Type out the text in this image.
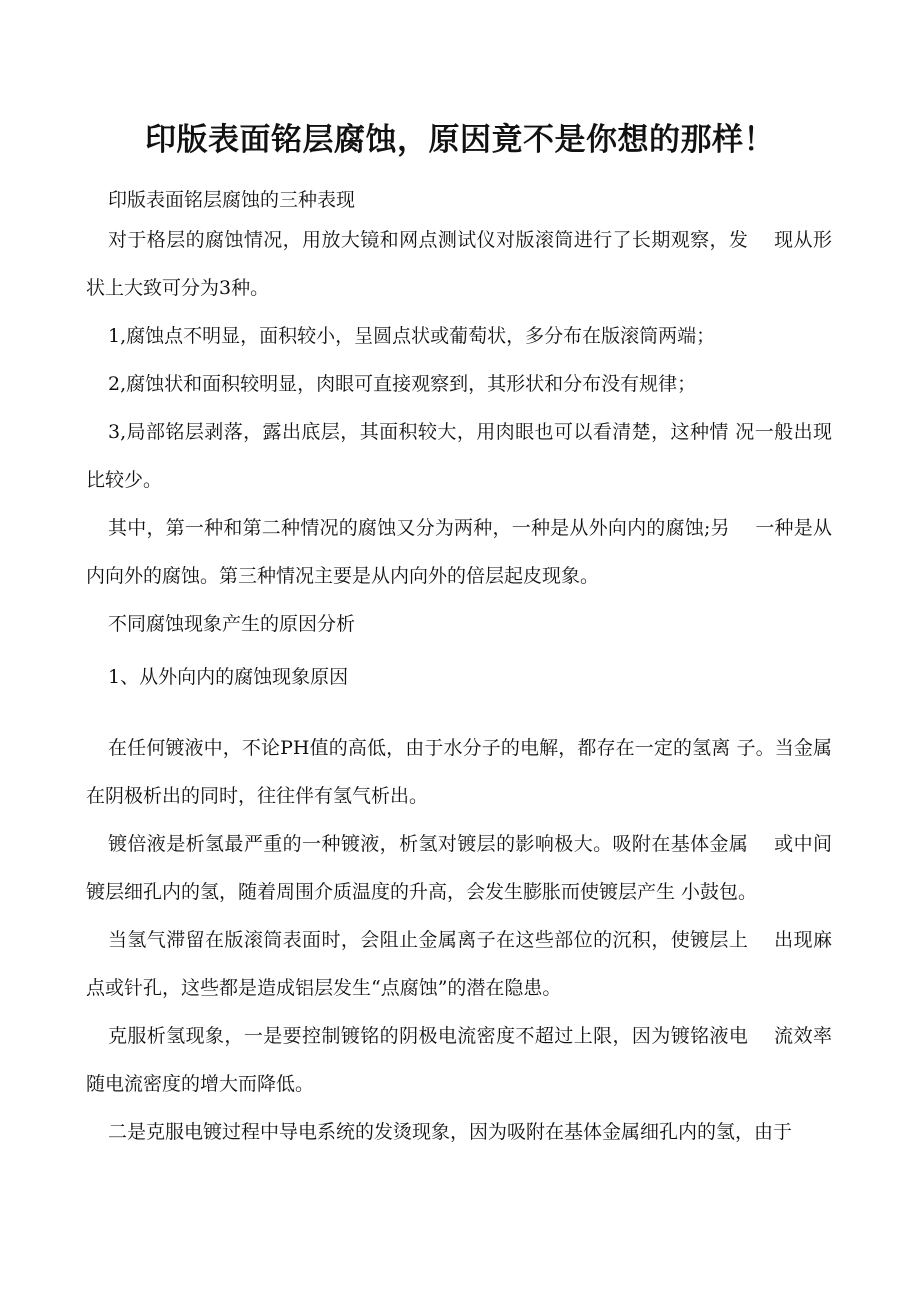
印版表面铭层腐蚀，原因竟不是你想的那样！

印版表面铭层腐蚀的三种表现

对于格层的腐蚀情况，用放大镜和网点测试仪对版滚筒进行了长期观察，发　 现从形状上大致可分为3种。

1,腐蚀点不明显，面积较小，呈圆点状或葡萄状，多分布在版滚筒两端；

2,腐蚀状和面积较明显，肉眼可直接观察到，其形状和分布没有规律；

3,局部铭层剥落，露出底层，其面积较大，用肉眼也可以看清楚，这种情 况一般出现比较少。

其中，第一种和第二种情况的腐蚀又分为两种，一种是从外向内的腐蚀;另　 一种是从内向外的腐蚀。第三种情况主要是从内向外的倍层起皮现象。

不同腐蚀现象产生的原因分析

1、从外向内的腐蚀现象原因

在任何镀液中，不论PH值的高低，由于水分子的电解，都存在一定的氢离 子。当金属在阴极析出的同时，往往伴有氢气析出。

镀倍液是析氢最严重的一种镀液，析氢对镀层的影响极大。吸附在基体金属　 或中间镀层细孔内的氢，随着周围介质温度的升高，会发生膨胀而使镀层产生 小鼓包。

当氢气滞留在版滚筒表面时，会阻止金属离子在这些部位的沉积，使镀层上　 出现麻点或针孔，这些都是造成铝层发生“点腐蚀”的潜在隐患。

克服析氢现象，一是要控制镀铭的阴极电流密度不超过上限，因为镀铭液电　 流效率随电流密度的增大而降低。

二是克服电镀过程中导电系统的发烫现象，因为吸附在基体金属细孔内的氢，由于
